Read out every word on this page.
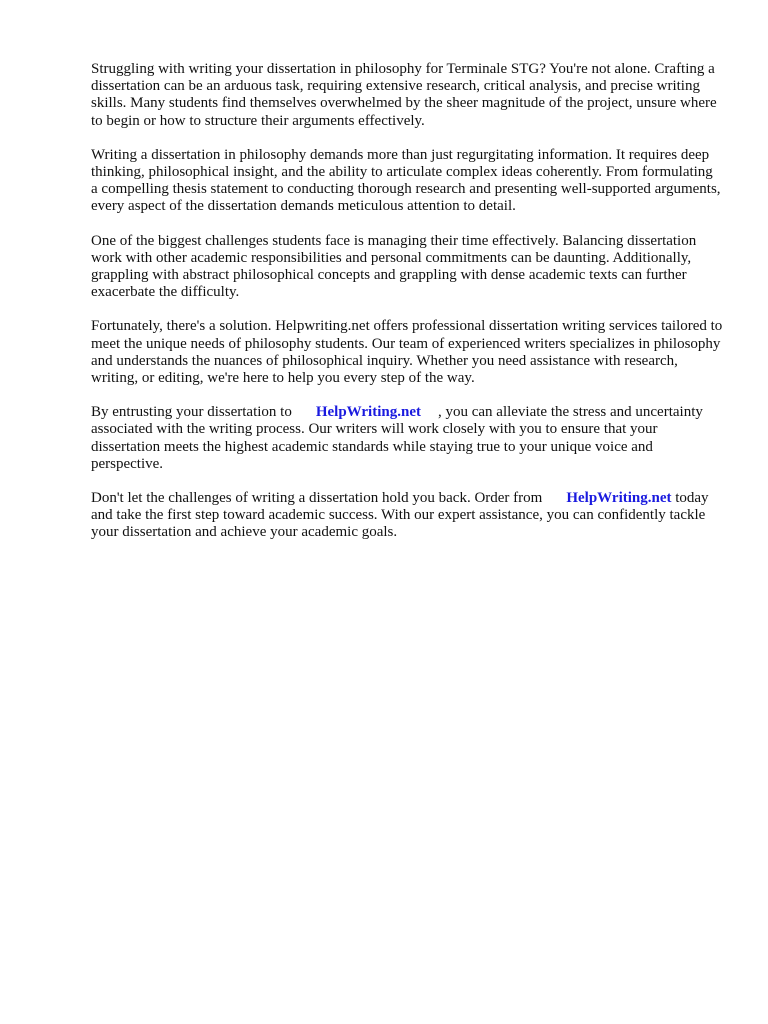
Struggling with writing your dissertation in philosophy for Terminale STG? You're not alone. Crafting a dissertation can be an arduous task, requiring extensive research, critical analysis, and precise writing skills. Many students find themselves overwhelmed by the sheer magnitude of the project, unsure where to begin or how to structure their arguments effectively.

Writing a dissertation in philosophy demands more than just regurgitating information. It requires deep thinking, philosophical insight, and the ability to articulate complex ideas coherently. From formulating a compelling thesis statement to conducting thorough research and presenting well-supported arguments, every aspect of the dissertation demands meticulous attention to detail.

One of the biggest challenges students face is managing their time effectively. Balancing dissertation work with other academic responsibilities and personal commitments can be daunting. Additionally, grappling with abstract philosophical concepts and grappling with dense academic texts can further exacerbate the difficulty.

Fortunately, there's a solution. Helpwriting.net offers professional dissertation writing services tailored to meet the unique needs of philosophy students. Our team of experienced writers specializes in philosophy and understands the nuances of philosophical inquiry. Whether you need assistance with research, writing, or editing, we're here to help you every step of the way.

By entrusting your dissertation to HelpWriting.net , you can alleviate the stress and uncertainty associated with the writing process. Our writers will work closely with you to ensure that your dissertation meets the highest academic standards while staying true to your unique voice and perspective.

Don't let the challenges of writing a dissertation hold you back. Order from HelpWriting.net today and take the first step toward academic success. With our expert assistance, you can confidently tackle your dissertation and achieve your academic goals.
